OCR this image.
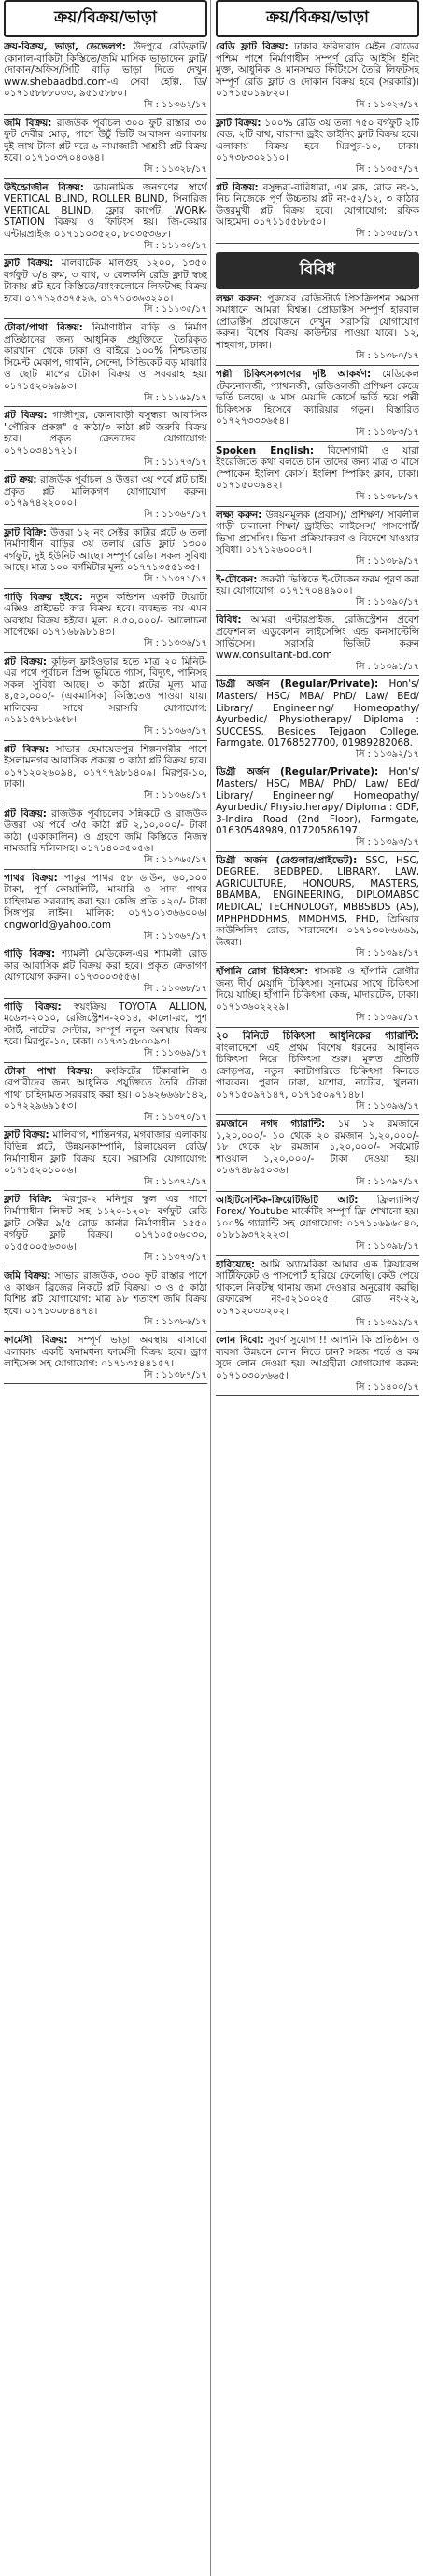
ক্রয়/বিক্রয়/ভাড়া
ক্রয়-বিক্রয়, ভাড়া, ডেভেলপ: উদপুরে রেডিফ্লাট/কোনাল-বাকিটা কিস্তিতে/জমি মাসিক ভাড়াদেন ফ্লাট/দোকান/অফিস/সিটি বাড়ি ভাড়া দিতে দেখুন www.shebaadbd.com-এ সেবা হেল্পি. ডি/ ০১৭১৫৮৮৮০৩৩, ৯৫১৫৮৮০।
সি : ১১৩৬২/১৭
জমি বিক্রয়: রাজউক পূর্বাচল ৩০০ ফুট রাস্তার ৩০ ফুট দেবীর মোড়, পাশে উচুঁ ভিটি আবাসন এলাকায় দুই লাখ টাকা প্লট দরে ৬ নামাজারী সাশ্রয়ী প্লট বিক্রয় হবে। ০১৭১০৩৭০৪০৬৪।
সি : ১১৩২৮/১৭
উইন্ডোজীন বিক্রয়: ডায়নামিক জনগণের স্বার্থে VERTICAL BLIND, ROLLER BLIND, সিনারিজ VERTICAL BLIND, ফ্লোর কার্পেট, WORK-STATION বিক্রয় ও ফিটিংস হয়। জি-কেয়ার এন্টারপ্রাইজ ০১৭১১০৩৫২০, ৮০৩৫৩৬৮।
সি : ১১১৩০/১৭
ফ্লাট বিক্রয়: মালবাটেক মালগুহ ১২০০, ১৩৫০ বর্গফুট ৩/৪ রুম, ৩ বাথ, ৩ বেলকনি রেডি ফ্লাট স্বচ্ছ টাকায় প্লট হবে কিস্তিতে/ব্যাংকলোনে লিফটসহ বিক্রয় হবে। ০১৭১২৫৩৭৫২৬, ০১৭১০৩৬৩২২০।
সি : ১১১৩৫/১৭
টোকা/পাথা বিক্রয়: নির্মাণাধীন বাড়ি ও নির্মাণ প্রতিষ্ঠানের জন্য আধুনিক প্রযুক্তিতে তৈরিকৃত কারখানা থেকে ঢাকা ও বাইরে ১০০% নিশ্চয়তায় সিমেন্ট মেকাপ, গাথনি, সেন্দো, সিন্ডিকেট বড় মাঝারি ও ছোট মাপের টোকা বিক্রয় ও সরবরাহ হয়। ০১৭১৫২০৯৯৯৩।
সি : ১১১৬৯/১৭
প্লট বিক্রয়: গাজীপুর, কোনাবাড়ী বসুন্ধরা আবাসিক "গৌরিক প্রকল্প" ৫ কাঠা/৩ কাঠা প্লট জরুরি বিক্রয় হবে। প্রকৃত ক্রেতাদের যোগাযোগ: ০১৭১০৩৪১৭২১।
সি : ১১১৭৩/১৭
প্লট ক্রয়: রাজউক পূর্বাচল ও উত্তরা ৩য় পর্বে প্লট চাই। প্রকৃত প্লট মালিকগণ যোগাযোগ করুন। ০১৭৯৭৪২২০০০।
সি : ১১৩৬৭/১৭
ফ্লাট বিক্রি: উত্তরা ১২ নং সেক্টর কাটার প্লটে ৬ তলা নির্মাণাধীন বাড়ির ৩য় তলায় রেডি ফ্লাট ১৩০০ বর্গফুট, দুই ইউনিট আছে। সম্পূর্ণ রেডি। সকল সুবিধা আছে। মাত্র ১০০ বর্গমিটার মূল্য ০১৭৭১৩৫৫১৩৫।
সি : ১১৩৭১/১৭
গাড়ি বিক্রয় হইবে: নতুন কন্ডিশন একটি টয়োটা এক্সিও প্রাইভেট কার বিক্রয় হবে। ব্যবহৃত নয় এমন অবস্থায় বিক্রয় হইবে। মূল্য ৪,৫০,০০০/- আলোচনা সাপেক্ষে। ০১৭১৬৮৯৮১৪৩।
সি : ১১৩৩৬/১৭
প্লট বিক্রয়: কুড়িল ফ্লাইওভার হতে মাত্র ২০ মিনিট-এর পথে পূর্বাচল প্রিন্স ভূমিতে গ্যাস, বিদ্যুৎ, পানিসহ সকল সুবিধা আছে। ৩ কাঠা প্লটের মূল্য মাত্র ৪,৫০,০০০/- (একমাসিক) কিস্তিতেও পাওয়া যায়। মালিকের সাথে সরাসরি যোগাযোগ: ০১৯১৫৭৮১৬৫৮।
সি : ১১৩৬৩/১৭
প্লট বিক্রয়: সাভার হেমায়েতপুর শিল্পনগরীর পাশে ইসলামনগর আবাসিক প্রকল্পে ৩ কাঠা প্লট বিক্রয় হবে। ০১৭১২০২৬০৯৪, ০১৭৭৭৯৮১৪০৯। মিরপুর-১০, ঢাকা।
সি : ১১৩৬৪/১৭
প্লট বিক্রয়: রাজউক পূর্বাচলের সন্নিকটে ও রাজউক উত্তরা ৩য় পর্বে ৩/৫ কাঠা প্লট ২,১০,০০০/- টাকা কাঠা (একাকালিন) ও গ্রহণে জমি কিস্তিতে নিজস্ব নামজারি দলিলসহ। ০১৭১৪০৩৫০৫৬।
সি : ১১৩৬৫/১৭
পাথর বিক্রয়: পাকুর পাথর ৫৮ ডাউন, ৬০,০০০ টাকা, পূর্ণ কোয়ালিটি, মাঝারি ও সাদা পাথর চাহিদামত সরবরাহ করা হয়। কেজি প্রতি ১২০/- টাকা সিঙ্গাপুর লাইন। মালিক: ০১৭১০১৩৬৬০০৬। cngworld@yahoo.com
সি : ১১৩৬৭/১৭
গাড়ি বিক্রয়: শ্যামলী মেডিকেল-এর শ্যামলী রোড কার আবাসিক প্লট বিক্রয় করা হবে। প্রকৃত ক্রেতাগণ যোগাযোগ করুন। ০১৭৩০০৩৫৫৬।
সি : ১১৩৬৮/১৭
গাড়ি বিক্রয়: স্বয়ংক্রিয় TOYOTA ALLION, মডেল-২০১০, রেজিস্ট্রেশন-২০১৪, কালো-রং, পুশ স্টার্ট, নাটোর সেন্টার, সম্পূর্ণ নতুন অবস্থায় বিক্রয় হবে। মিরপুর-১০, ঢাকা। ০১৭৩১৫৮০০৯৩।
সি : ১১৩৬৯/১৭
টোকা পাথা বিক্রয়: কংক্রিটের টিকাবালি ও বেপারীদের জন্য আধুনিক প্রযুক্তিতে তৈরি টোকা পাথা চাহিদামত সরবরাহ করা হয়। ০১৬২৬৬৬৮১৪২, ০১৭২২৯৬৯১৫৩।
সি : ১১৩৭০/১৭
ফ্লাট বিক্রয়: মালিবাগ, শান্তিনগর, মগবাজার এলাকায় বিভিন্ন প্লটে, উন্নয়নকাম্পানি, রিলায়েবল রেডি/নির্মাণাধীন ফ্লাট বিক্রয় হবে। সরাসরি যোগাযোগ: ০১৭১৫২০১০০৬।
সি : ১১৩৭২/১৭
ফ্লাট বিক্রি: মিরপুর-২ মনিপুর স্কুল এর পাশে নির্মাণাধীন লিফট সহ ১১২০-১২০৮ বর্গফুট রেডি ফ্লাট সেক্টর ৯/৫ রোড কার্নার নির্মাণাধীন ১৫৫০ বর্গফুট ফ্লাট বিক্রয়। ০১৭১০৫০৬০৩০, ০১৫৫০০৫৬৩০৬।
সি : ১১৩৭৩/১৭
জমি বিক্রয়: সাভার রাজউক, ৩০০ ফুট রাস্তার পাশে ও কাঞ্চন ব্রিজের নিকটে প্লট বিক্রয়। ৩ ও ৫ কাঠা বিশিষ্ট প্লট যোগাযোগ: মাত্র ৯৮ শতাংশ জমি বিক্রয় হবে। ০১৭১৩০৮৪৪৭৪।
সি : ১১৩৮৬/১৭
ফার্মেসী বিক্রয়: সম্পূর্ণ ভাড়া অবস্থায় বাসাবো এলাকায় একটি স্বনামধন্য ফার্মেসী বিক্রয় হবে। ড্রাগ লাইসেন্স সহ যোগাযোগ: ০১৭১৩৫৪৪১৫৭।
সি : ১১৩৮৭/১৭
ক্রয়/বিক্রয়/ভাড়া
রেডি ফ্লাট বিক্রয়: ঢাকার ফরিদাবাদ মেইন রোডের পশ্চিম পাশে নির্মাণাধীন সম্পূর্ণ রেডি আইসি ইনিং মুক্ত, আধুনিক ও মানসম্মত ফিটিংসে তৈরি লিফটসহ সম্পূর্ণ রেডি ফ্লাট ও দোকান বিক্রয় হবে (সরকারি)। ০১৭১৫০১৯৮২০।
সি : ১১৩২৩/১৭
ফ্লাট বিক্রয়: ১০০% রেডি ৩য় তলা ৭৫০ বর্গফুট ২টি বেড, ২টি বাথ, বারান্দা ড্রইং ডাইনিং ফ্লাট বিক্রয় হবে। এলাকায় বিক্রয় হবে মিরপুর-১০, ঢাকা। ০১৭৩৮৩০২১১০।
সি : ১১৩৫৭/১৭
প্লট বিক্রয়: বসুন্ধরা-বারিধারা, এম ব্লক, রোড নং-১, নিচ নিজেকে পূর্ণ উচ্চতায় প্লট নং-৫২/১২, ৩ কাঠার উত্তরমুখী প্লট বিক্রয় হবে। যোগাযোগ: রফিক আহমেদ। ০১৭১১৫৫৮৮৫০।
সি : ১১৩৫৮/১৭
বিবিধ
লক্ষ্য করুন: পুরুষের রেজিস্টার্ড প্রিসক্রিপশন সমস্যা সমাধানে আমরা বিশ্বস্ত। প্রোডাক্টস সম্পূর্ণ হারবাল প্রোডাক্টস প্রয়োজনে দেখুন সরাসরি যোগাযোগ করুন। বিশেষ বিক্রয় কাউন্টার পাওয়া যাবে। ১২, শাহবাগ, ঢাকা।
সি : ১১৩৮০/১৭
পল্লী চিকিৎসকগণের দৃষ্টি আকর্ষণ: মেডিকেল টেকনোলজী, প্যাথলজী, রেডিওলজী প্রশিক্ষণ কেন্দ্রে ভর্তি চলছে। ৬ মাস মেয়াদি কোর্সে ভর্তি হয়ে পল্লী চিকিৎসক হিসেবে ক্যারিয়ার গড়ুন। বিস্তারিত ০১৭২৭৩৩৩৬৫৪।
সি : ১১৩৮৩/১৭
Spoken English: বিদেশগামী ও যারা ইংরেজিতে কথা বলতে চান তাদের জন্য মাত্র ৩ মাসে স্পোকেন ইংলিশ কোর্স। ইংলিশ স্পিকিং ক্লাব, ঢাকা। ০১৭১৫০৩৯৪২।
সি : ১১৩৮৮/১৭
লক্ষ্য করুন: উন্নয়নমূলক (প্রবাস)/ প্রশিক্ষণ/ সাবলীল গাড়ী চালানো শিক্ষা/ ড্রাইভিং লাইসেন্স/ পাসপোর্ট/ ভিসা প্রসেসিং। ভিসা প্রক্রিয়াকরণ ও বিদেশে যাওয়ার সুবিধা। ০১৭১২৬০০০৭।
সি : ১১৩৮৯/১৭
ই-টোকেন: জরুরী ভিত্তিতে ই-টোকেন ফরম পূরণ করা হয়। যোগাযোগ: ০১৭১৭০৪৪৯০০।
সি : ১১৩৯০/১৭
বিবিধ: আমরা এন্টারপ্রাইজ, রেজিস্ট্রেশন প্রবেশ প্রফেশনাল এডুকেশন লাইসেন্সিং এন্ড কনসাল্টেন্সি সার্ভিসেস। সরাসরি ভিজিট করুন www.consultant-bd.com
সি : ১১৩৯১/১৭
ডিগ্রী অর্জন (Regular/Private): Hon's/ Masters/ HSC/ MBA/ PhD/ Law/ BEd/ Library/ Engineering/ Homeopathy/ Ayurbedic/ Physiotherapy/ Diploma : SUCCESS, Besides Tejgaon College, Farmgate. 01768527700, 01989282068.
সি : ১১৩৯২/১৭
ডিগ্রী অর্জন (Regular/Private): Hon's/ Masters/ HSC/ MBA/ PhD/ Law/ BEd/ Library/ Engineering/ Homeopathy/ Ayurbedic/ Physiotherapy/ Diploma : GDF, 3-Indira Road (2nd Floor), Farmgate, 01630548989, 01720586197.
সি : ১১৩৯৩/১৭
ডিগ্রী অর্জন (রেগুলার/প্রাইভেট): SSC, HSC, DEGREE, BEDBPED, LIBRARY, LAW, AGRICULTURE, HONOURS, MASTERS, BBAMBA, ENGINEERING, DIPLOMABSC MEDICAL/ TECHNOLOGY, MBBSBDS (AS), MPHPHDDHMS, MMDHMS, PHD, প্রিমিয়ার কাউন্সিলিং রোড, সারাদেশে। ০১৭১৩০৮৬৬৬৯, উত্তরা।
সি : ১১৩৯৪/১৭
হাঁপানি রোগ চিকিৎসা: শ্বাসকষ্ট ও হাঁপানি রোগীর জন্য দীর্ঘ মেয়াদি চিকিৎসা। সুনামের সাথে চিকিৎসা দিয়ে যাচ্ছি। হাঁপানি চিকিৎসা কেন্দ্র, মাদারটেক, ঢাকা। ০১৭১৩৬০২২২৯।
সি : ১১৩৯৫/১৭
২০ মিনিটে চিকিৎসা আধুনিকের গ্যারান্টি: বাংলাদেশে এই প্রথম বিশেষ ধরনের আধুনিক চিকিৎসা নিয়ে চিকিৎসা শুরু। মূলত প্রতিটি ক্রোড়পত্র, নতুন ক্যাটাগরিতে চিকিৎসা কিনতে পারবেন। পুরান ঢাকা, যশোর, নাটোর, খুলনা। ০১৭১৫০৯৭১৪৭, ০১৭১৫০৯৭১৪৮।
সি : ১১৩৯৬/১৭
রমজানে নগদ গ্যারান্টি: ১ম ১২ রমজানে ১,২০,০০০/- ১০ থেকে ২০ রমজান ১,২০,০০০/- ১৮ থেকে ২৮ রমজান ১,২০,০০০/- সর্বমোট শাওয়াল ১,২০,০০০/- টাকা দেওয়া হয়। ০১৬৭৪৮৯৫০৩৬।
সি : ১১৩৯৭/১৭
আইটিসেন্টিক-ক্রিয়েটিভিটি আর্ট: ফ্রিল্যান্সিং/ Forex/ Youtube মার্কেটিং সম্পূর্ণ ফ্রি শেখানো হয়। ১০০% গ্যারান্টি সহ যোগাযোগ: ০১৭১১৬৯৬০৪০, ০১৮১৯৩৭২২২৩।
সি : ১১৩৯৮/১৭
হারিয়েছে: আমি অ্যামেরিকা আমার এক ক্লিয়ারেন্স সার্টিফিকেট ও পাসপোর্ট হারিয়ে ফেলেছি। কেউ পেয়ে থাকলে নিকটস্থ থানায় জমা দেওয়ার অনুরোধ করছি। রেফারেন্স নং-৫২১০০২৫। রোড নং-২২, ০১৭১২০৩৩২০২।
সি : ১১৩৯৯/১৭
লোন দিবো: সুবর্ণ সুযোগ!!! আপনি কি প্রতিষ্ঠান ও ব্যবসা উন্নয়নে লোন নিতে চান? সহজ শর্তে ও কম সুদে লোন দেওয়া হয়। আগ্রহীরা যোগাযোগ করুন: ০১৭১০৩০৮৬৬৫।
সি : ১১৪০০/১৭
